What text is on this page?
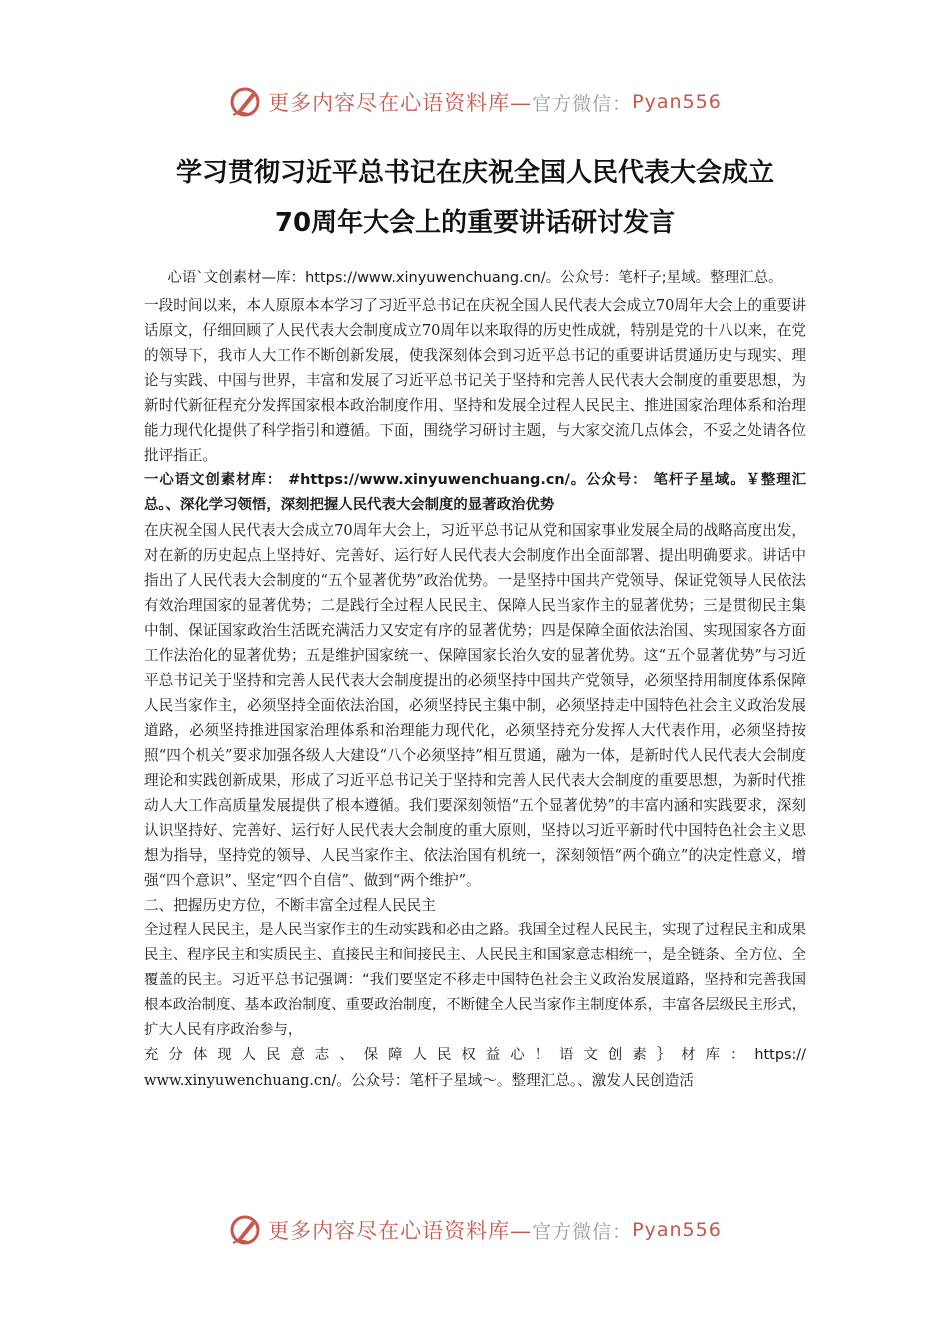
更多内容尽在心语资料库— 官方微信： Pyan556
学习贯彻习近平总书记在庆祝全国人民代表大会成立
70周年大会上的重要讲话研讨发言

心语`文创素材—库：https://www.xinyuwenchuang.cn/。公众号：笔杆子;星域。整理汇总。

一段时间以来，本人原原本本学习了习近平总书记在庆祝全国人民代表大会成立70周年大会上的重要讲话原文，仔细回顾了人民代表大会制度成立70周年以来取得的历史性成就，特别是党的十八以来，在党的领导下，我市人大工作不断创新发展，使我深刻体会到习近平总书记的重要讲话贯通历史与现实、理论与实践、中国与世界，丰富和发展了习近平总书记关于坚持和完善人民代表大会制度的重要思想，为新时代新征程充分发挥国家根本政治制度作用、坚持和发展全过程人民民主、推进国家治理体系和治理能力现代化提供了科学指引和遵循。下面，围绕学习研讨主题，与大家交流几点体会，不妥之处请各位批评指正。

一心语文创素材库： #https://www.xinyuwenchuang.cn/。公众号： 笔杆子星域。￥整理汇总。、深化学习领悟，深刻把握人民代表大会制度的显著政治优势

在庆祝全国人民代表大会成立70周年大会上，习近平总书记从党和国家事业发展全局的战略高度出发，对在新的历史起点上坚持好、完善好、运行好人民代表大会制度作出全面部署、提出明确要求。讲话中指出了人民代表大会制度的“五个显著优势”政治优势。一是坚持中国共产党领导、保证党领导人民依法有效治理国家的显著优势；二是践行全过程人民民主、保障人民当家作主的显著优势；三是贯彻民主集中制、保证国家政治生活既充满活力又安定有序的显著优势；四是保障全面依法治国、实现国家各方面工作法治化的显著优势；五是维护国家统一、保障国家长治久安的显著优势。这“五个显著优势”与习近平总书记关于坚持和完善人民代表大会制度提出的必须坚持中国共产党领导，必须坚持用制度体系保障人民当家作主，必须坚持全面依法治国，必须坚持民主集中制，必须坚持走中国特色社会主义政治发展道路，必须坚持推进国家治理体系和治理能力现代化，必须坚持充分发挥人大代表作用，必须坚持按照“四个机关”要求加强各级人大建设“八个必须坚持”相互贯通，融为一体，是新时代人民代表大会制度理论和实践创新成果，形成了习近平总书记关于坚持和完善人民代表大会制度的重要思想，为新时代推动人大工作高质量发展提供了根本遵循。我们要深刻领悟“五个显著优势”的丰富内涵和实践要求，深刻认识坚持好、完善好、运行好人民代表大会制度的重大原则，坚持以习近平新时代中国特色社会主义思想为指导，坚持党的领导、人民当家作主、依法治国有机统一，深刻领悟“两个确立”的决定性意义，增强“四个意识”、坚定“四个自信”、做到“两个维护”。

二、把握历史方位，不断丰富全过程人民民主

全过程人民民主，是人民当家作主的生动实践和必由之路。我国全过程人民民主，实现了过程民主和成果民主、程序民主和实质民主、直接民主和间接民主、人民民主和国家意志相统一，是全链条、全方位、全覆盖的民主。习近平总书记强调：“我们要坚定不移走中国特色社会主义政治发展道路，坚持和完善我国根本政治制度、基本政治制度、重要政治制度，不断健全人民当家作主制度体系，丰富各层级民主形式，扩大人民有序政治参与，

充分体现人民意志、保障人民权益心！语文创素｝材库：https://

www.xinyuwenchuang.cn/。公众号：笔杆子星域～。整理汇总。、激发人民创造活

更多内容尽在心语资料库— 官方微信： Pyan556
